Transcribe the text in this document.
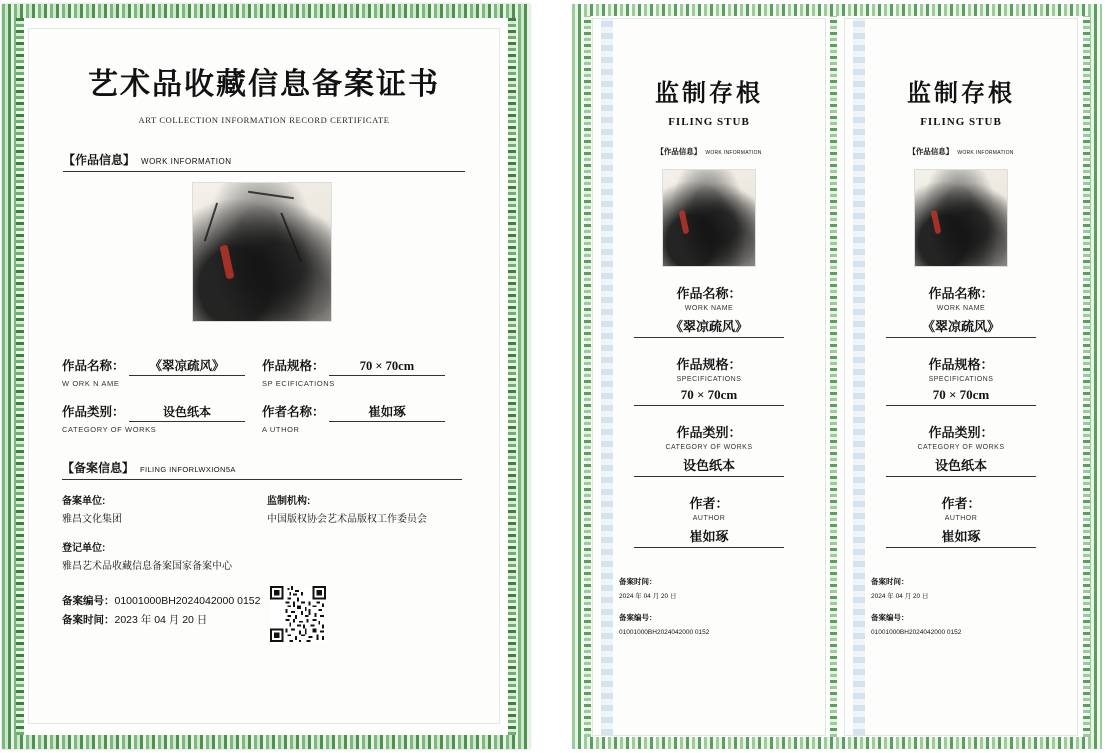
艺术品收藏信息备案证书
ART COLLECTION INFORMATION RECORD CERTIFICATE
【作品信息】 WORK INFORMATION
作品名称： 《翠凉疏风》
W ORK N AME
作品规格：	70 × 70cm
SP ECIFICATIONS
作品类别：	设色纸本
CATEGORY OF WORKS
作者名称：	崔如琢
A UTHOR
【备案信息】 FILING INFORLWXION5A
备案单位:
雅昌文化集团
监制机构:
中国版权协会艺术品版权工作委员会
登记单位:
雅昌艺术品收藏信息备案国家备案中心
备案编号：01001000BH2024042000 0152
备案时间：2023 年 04 月 20 日
监制存根
FILING STUB
【作品信息】 WORK INFORMATION
作品名称：
WORK NAME
《翠凉疏风》
作品规格：
SPECIFICATIONS
70 × 70cm
作品类别：
CATEGORY OF WORKS
设色纸本
作者：
AUTHOR
崔如琢
备案时间：
2024 年 04 月 20 日
备案编号：
01001000BH2024042000 0152
监制存根
FILING STUB
【作品信息】 WORK INFORMATION
作品名称：
WORK NAME
《翠凉疏风》
作品规格：
SPECIFICATIONS
70 × 70cm
作品类别：
CATEGORY OF WORKS
设色纸本
作者：
AUTHOR
崔如琢
备案时间：
2024 年 04 月 20 日
备案编号：
01001000BH2024042000 0152
